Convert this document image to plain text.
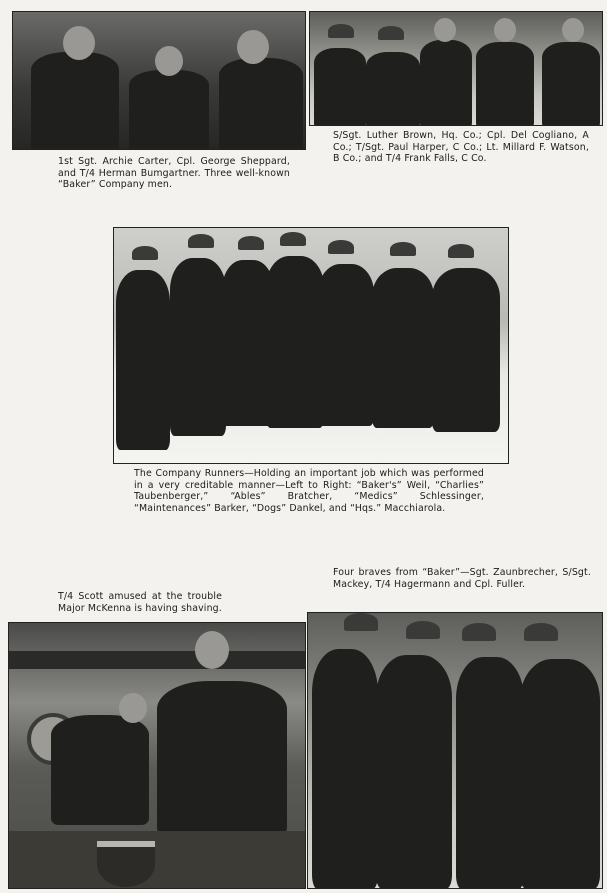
1st Sgt. Archie Carter, Cpl. George Sheppard, and T/4 Herman Bumgartner. Three well-known “Baker” Company men.
S/Sgt. Luther Brown, Hq. Co.; Cpl. Del Cogliano, A Co.; T/Sgt. Paul Harper, C Co.; Lt. Millard F. Watson, B Co.; and T/4 Frank Falls, C Co.
The Company Runners—Holding an important job which was performed in a very creditable manner—Left to Right: “Baker's” Weil, “Charlies” Taubenberger,” “Ables” Bratcher, “Medics” Schlessinger, “Maintenances” Barker, “Dogs” Dankel, and “Hqs.” Macchiarola.
Four braves from “Baker”—Sgt. Zaunbrecher, S/Sgt. Mackey, T/4 Hagermann and Cpl. Fuller.
T/4 Scott amused at the trouble Major McKenna is having shaving.
